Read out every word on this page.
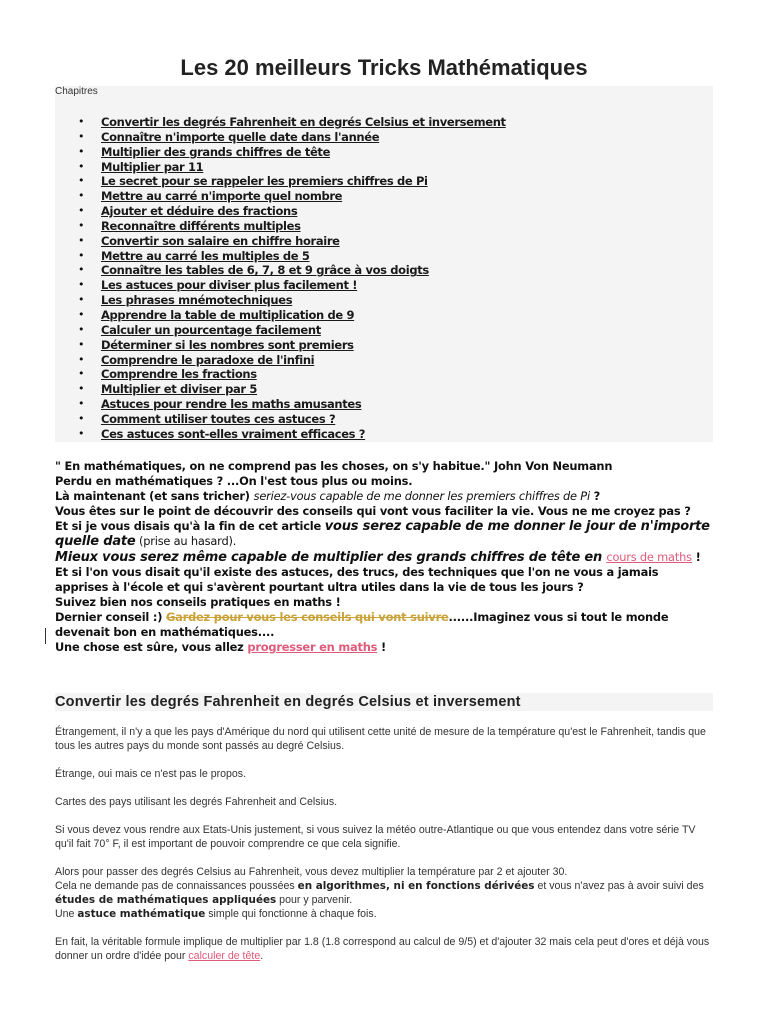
Les 20 meilleurs Tricks Mathématiques
Chapitres
• Convertir les degrés Fahrenheit en degrés Celsius et inversement
• Connaître n'importe quelle date dans l'année
• Multiplier des grands chiffres de tête
• Multiplier par 11
• Le secret pour se rappeler les premiers chiffres de Pi
• Mettre au carré n'importe quel nombre
• Ajouter et déduire des fractions
• Reconnaître différents multiples
• Convertir son salaire en chiffre horaire
• Mettre au carré les multiples de 5
• Connaître les tables de 6, 7, 8 et 9 grâce à vos doigts
• Les astuces pour diviser plus facilement !
• Les phrases mnémotechniques
• Apprendre la table de multiplication de 9
• Calculer un pourcentage facilement
• Déterminer si les nombres sont premiers
• Comprendre le paradoxe de l'infini
• Comprendre les fractions
• Multiplier et diviser par 5
• Astuces pour rendre les maths amusantes
• Comment utiliser toutes ces astuces ?
• Ces astuces sont-elles vraiment efficaces ?

" En mathématiques, on ne comprend pas les choses, on s'y habitue." John Von Neumann

Perdu en mathématiques ? ...On l'est tous plus ou moins.

Là maintenant (et sans tricher) seriez-vous capable de me donner les premiers chiffres de Pi ?

Vous êtes sur le point de découvrir des conseils qui vont vous faciliter la vie. Vous ne me croyez pas ?

Et si je vous disais qu'à la fin de cet article vous serez capable de me donner le jour de n'importe quelle date (prise au hasard).

Mieux vous serez même capable de multiplier des grands chiffres de tête en cours de maths !

Et si l'on vous disait qu'il existe des astuces, des trucs, des techniques que l'on ne vous a jamais apprises à l'école et qui s'avèrent pourtant ultra utiles dans la vie de tous les jours ?

Suivez bien nos conseils pratiques en maths !

Dernier conseil :) Gardez pour vous les conseils qui vont suivre......Imaginez vous si tout le monde devenait bon en mathématiques....

Une chose est sûre, vous allez progresser en maths !

Convertir les degrés Fahrenheit en degrés Celsius et inversement

Étrangement, il n'y a que les pays d'Amérique du nord qui utilisent cette unité de mesure de la température qu'est le Fahrenheit, tandis que tous les autres pays du monde sont passés au degré Celsius.

Étrange, oui mais ce n'est pas le propos.

Cartes des pays utilisant les degrés Fahrenheit and Celsius.

Si vous devez vous rendre aux Etats-Unis justement, si vous suivez la météo outre-Atlantique ou que vous entendez dans votre série TV qu'il fait 70° F, il est important de pouvoir comprendre ce que cela signifie.

Alors pour passer des degrés Celsius au Fahrenheit, vous devez multiplier la température par 2 et ajouter 30.

Cela ne demande pas de connaissances poussées en algorithmes, ni en fonctions dérivées et vous n'avez pas à avoir suivi des études de mathématiques appliquées pour y parvenir.

Une astuce mathématique simple qui fonctionne à chaque fois.

En fait, la véritable formule implique de multiplier par 1.8 (1.8 correspond au calcul de 9/5) et d'ajouter 32 mais cela peut d'ores et déjà vous donner un ordre d'idée pour calculer de tête.
